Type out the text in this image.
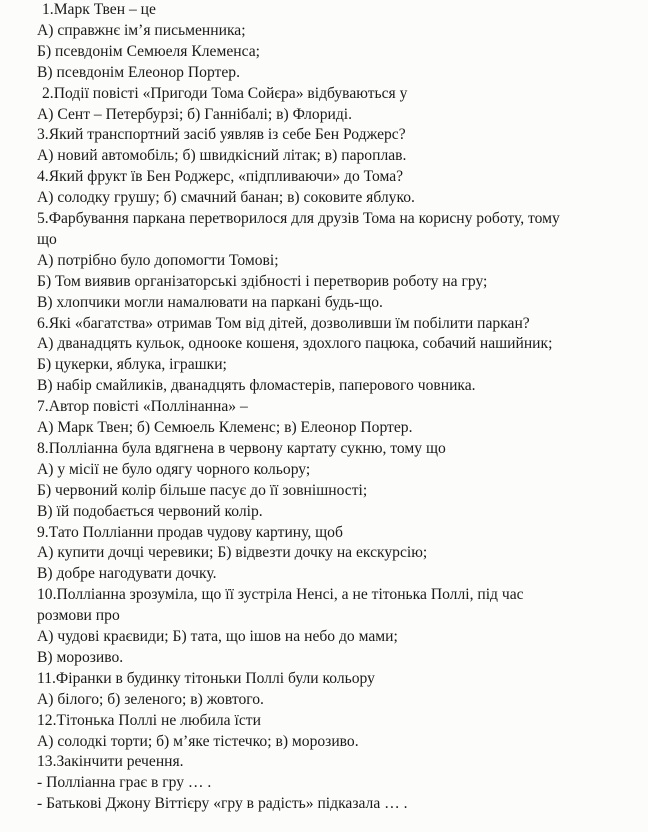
1.Марк Твен – це
А) справжнє ім’я письменника;
Б) псевдонім Семюеля Клеменса;
В) псевдонім Елеонор Портер.
2.Події повісті «Пригоди Тома Сойєра» відбуваються у
А) Сент – Петербурзі; б) Ганнібалі; в) Флориді.
3.Який транспортний засіб уявляв із себе Бен Роджерс?
А) новий автомобіль; б) швидкісний літак; в) пароплав.
4.Який фрукт їв Бен Роджерс, «підпливаючи» до Тома?
А) солодку грушу; б) смачний банан; в) соковите яблуко.
5.Фарбування паркана перетворилося для друзів Тома на корисну роботу, тому
що
А) потрібно було допомогти Томові;
Б) Том виявив організаторські здібності і перетворив роботу на гру;
В) хлопчики могли намалювати на паркані будь-що.
6.Які «багатства» отримав Том від дітей, дозволивши їм побілити паркан?
А) дванадцять кульок, одноокe кошеня, здохлого пацюка, собачий нашийник;
Б) цукерки, яблука, іграшки;
В) набір смайликів, дванадцять фломастерів, паперового човника.
7.Автор повісті «Поллінанна» –
А) Марк Твен; б) Семюель Клеменс; в) Елеонор Портер.
8.Полліанна була вдягнена в червону картату сукню, тому що
А) у місії не було одягу чорного кольору;
Б) червоний колір більше пасує до її зовнішності;
В) їй подобається червоний колір.
9.Тато Полліанни продав чудову картину, щоб
А) купити дочці черевики; Б) відвезти дочку на екскурсію;
В) добре нагодувати дочку.
10.Полліанна зрозуміла, що її зустріла Ненсі, а не тітонька Поллі, під час
розмови про
А) чудові краєвиди; Б) тата, що ішов на небо до мами;
В) морозиво.
11.Фіранки в будинку тітоньки Поллі були кольору
А) білого; б) зеленого; в) жовтого.
12.Тітонька Поллі не любила їсти
А) солодкі торти; б) м’яке тістечко; в) морозиво.
13.Закінчити речення.
- Полліанна грає в гру … .
- Батькові Джону Віттієру «гру в радість» підказала … .
